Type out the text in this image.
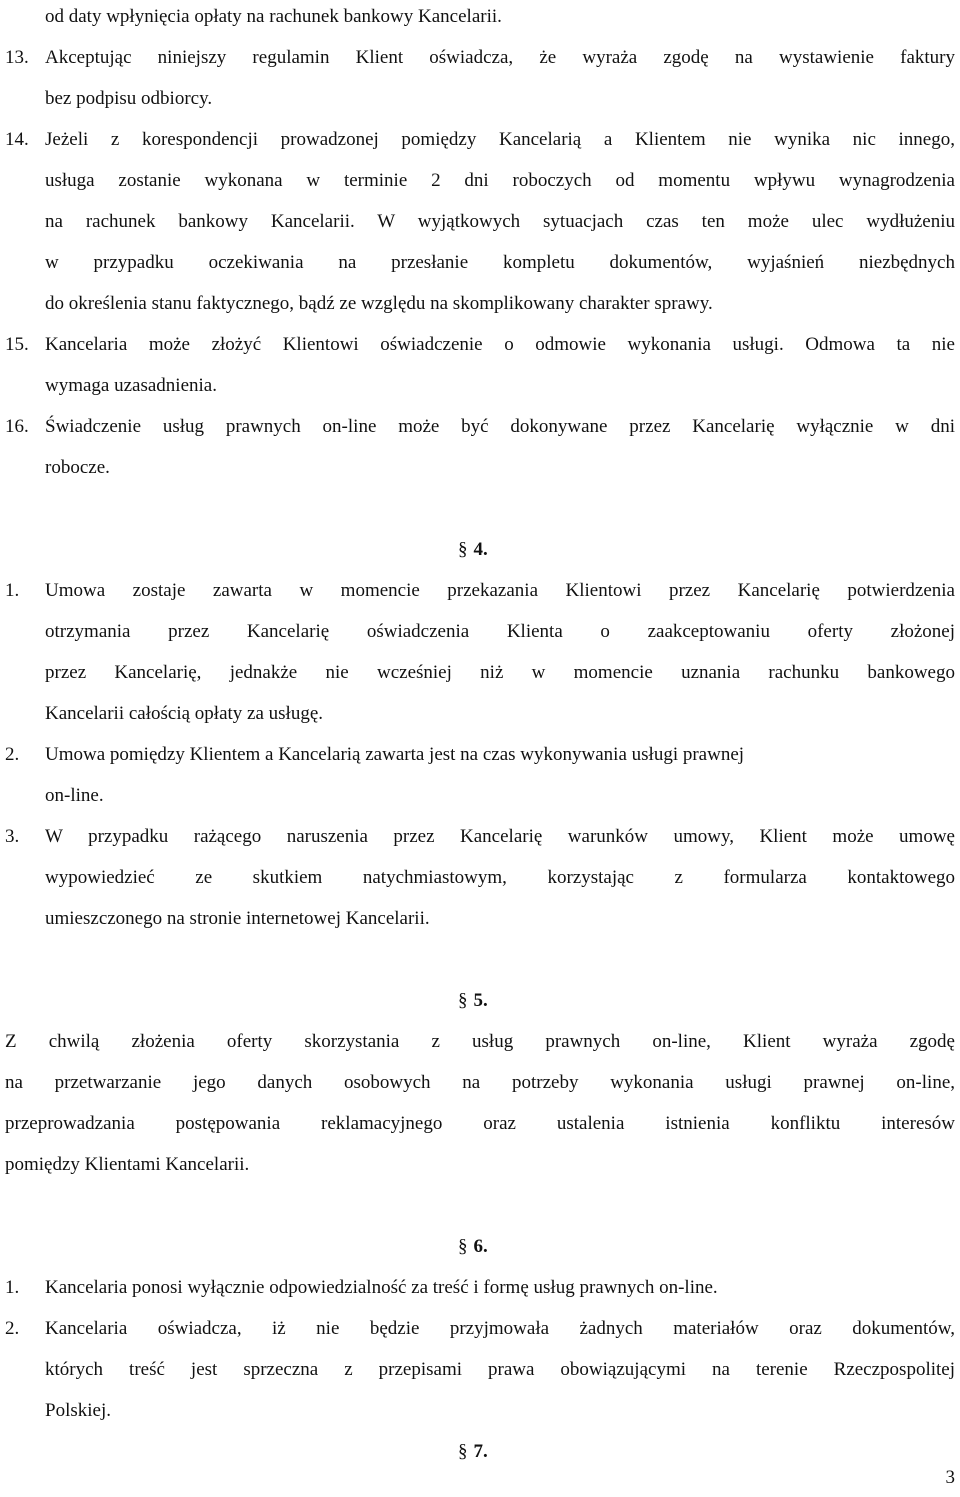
od daty wpłynięcia opłaty na rachunek bankowy Kancelarii.
13. Akceptując niniejszy regulamin Klient oświadcza, że wyraża zgodę na wystawienie faktury
bez podpisu odbiorcy.
14. Jeżeli z korespondencji prowadzonej pomiędzy Kancelarią a Klientem nie wynika nic innego,
usługa zostanie wykonana w terminie 2 dni roboczych od momentu wpływu wynagrodzenia
na rachunek bankowy Kancelarii. W wyjątkowych sytuacjach czas ten może ulec wydłużeniu
w przypadku oczekiwania na przesłanie kompletu dokumentów, wyjaśnień niezbędnych
do określenia stanu faktycznego, bądź ze względu na skomplikowany charakter sprawy.
15. Kancelaria może złożyć Klientowi oświadczenie o odmowie wykonania usługi. Odmowa ta nie
wymaga uzasadnienia.
16. Świadczenie usług prawnych on-line może być dokonywane przez Kancelarię wyłącznie w dni
robocze.
§ 4.
1. Umowa zostaje zawarta w momencie przekazania Klientowi przez Kancelarię potwierdzenia
otrzymania przez Kancelarię oświadczenia Klienta o zaakceptowaniu oferty złożonej
przez Kancelarię, jednakże nie wcześniej niż w momencie uznania rachunku bankowego
Kancelarii całością opłaty za usługę.
2. Umowa pomiędzy Klientem a Kancelarią zawarta jest na czas wykonywania usługi prawnej
on-line.
3. W przypadku rażącego naruszenia przez Kancelarię warunków umowy, Klient może umowę
wypowiedzieć ze skutkiem natychmiastowym, korzystając z formularza kontaktowego
umieszczonego na stronie internetowej Kancelarii.
§ 5.
Z chwilą złożenia oferty skorzystania z usług prawnych on-line, Klient wyraża zgodę
na przetwarzanie jego danych osobowych na potrzeby wykonania usługi prawnej on-line,
przeprowadzania postępowania reklamacyjnego oraz ustalenia istnienia konfliktu interesów
pomiędzy Klientami Kancelarii.
§ 6.
1. Kancelaria ponosi wyłącznie odpowiedzialność za treść i formę usług prawnych on-line.
2. Kancelaria oświadcza, iż nie będzie przyjmowała żadnych materiałów oraz dokumentów,
których treść jest sprzeczna z przepisami prawa obowiązującymi na terenie Rzeczpospolitej
Polskiej.
§ 7.
3
